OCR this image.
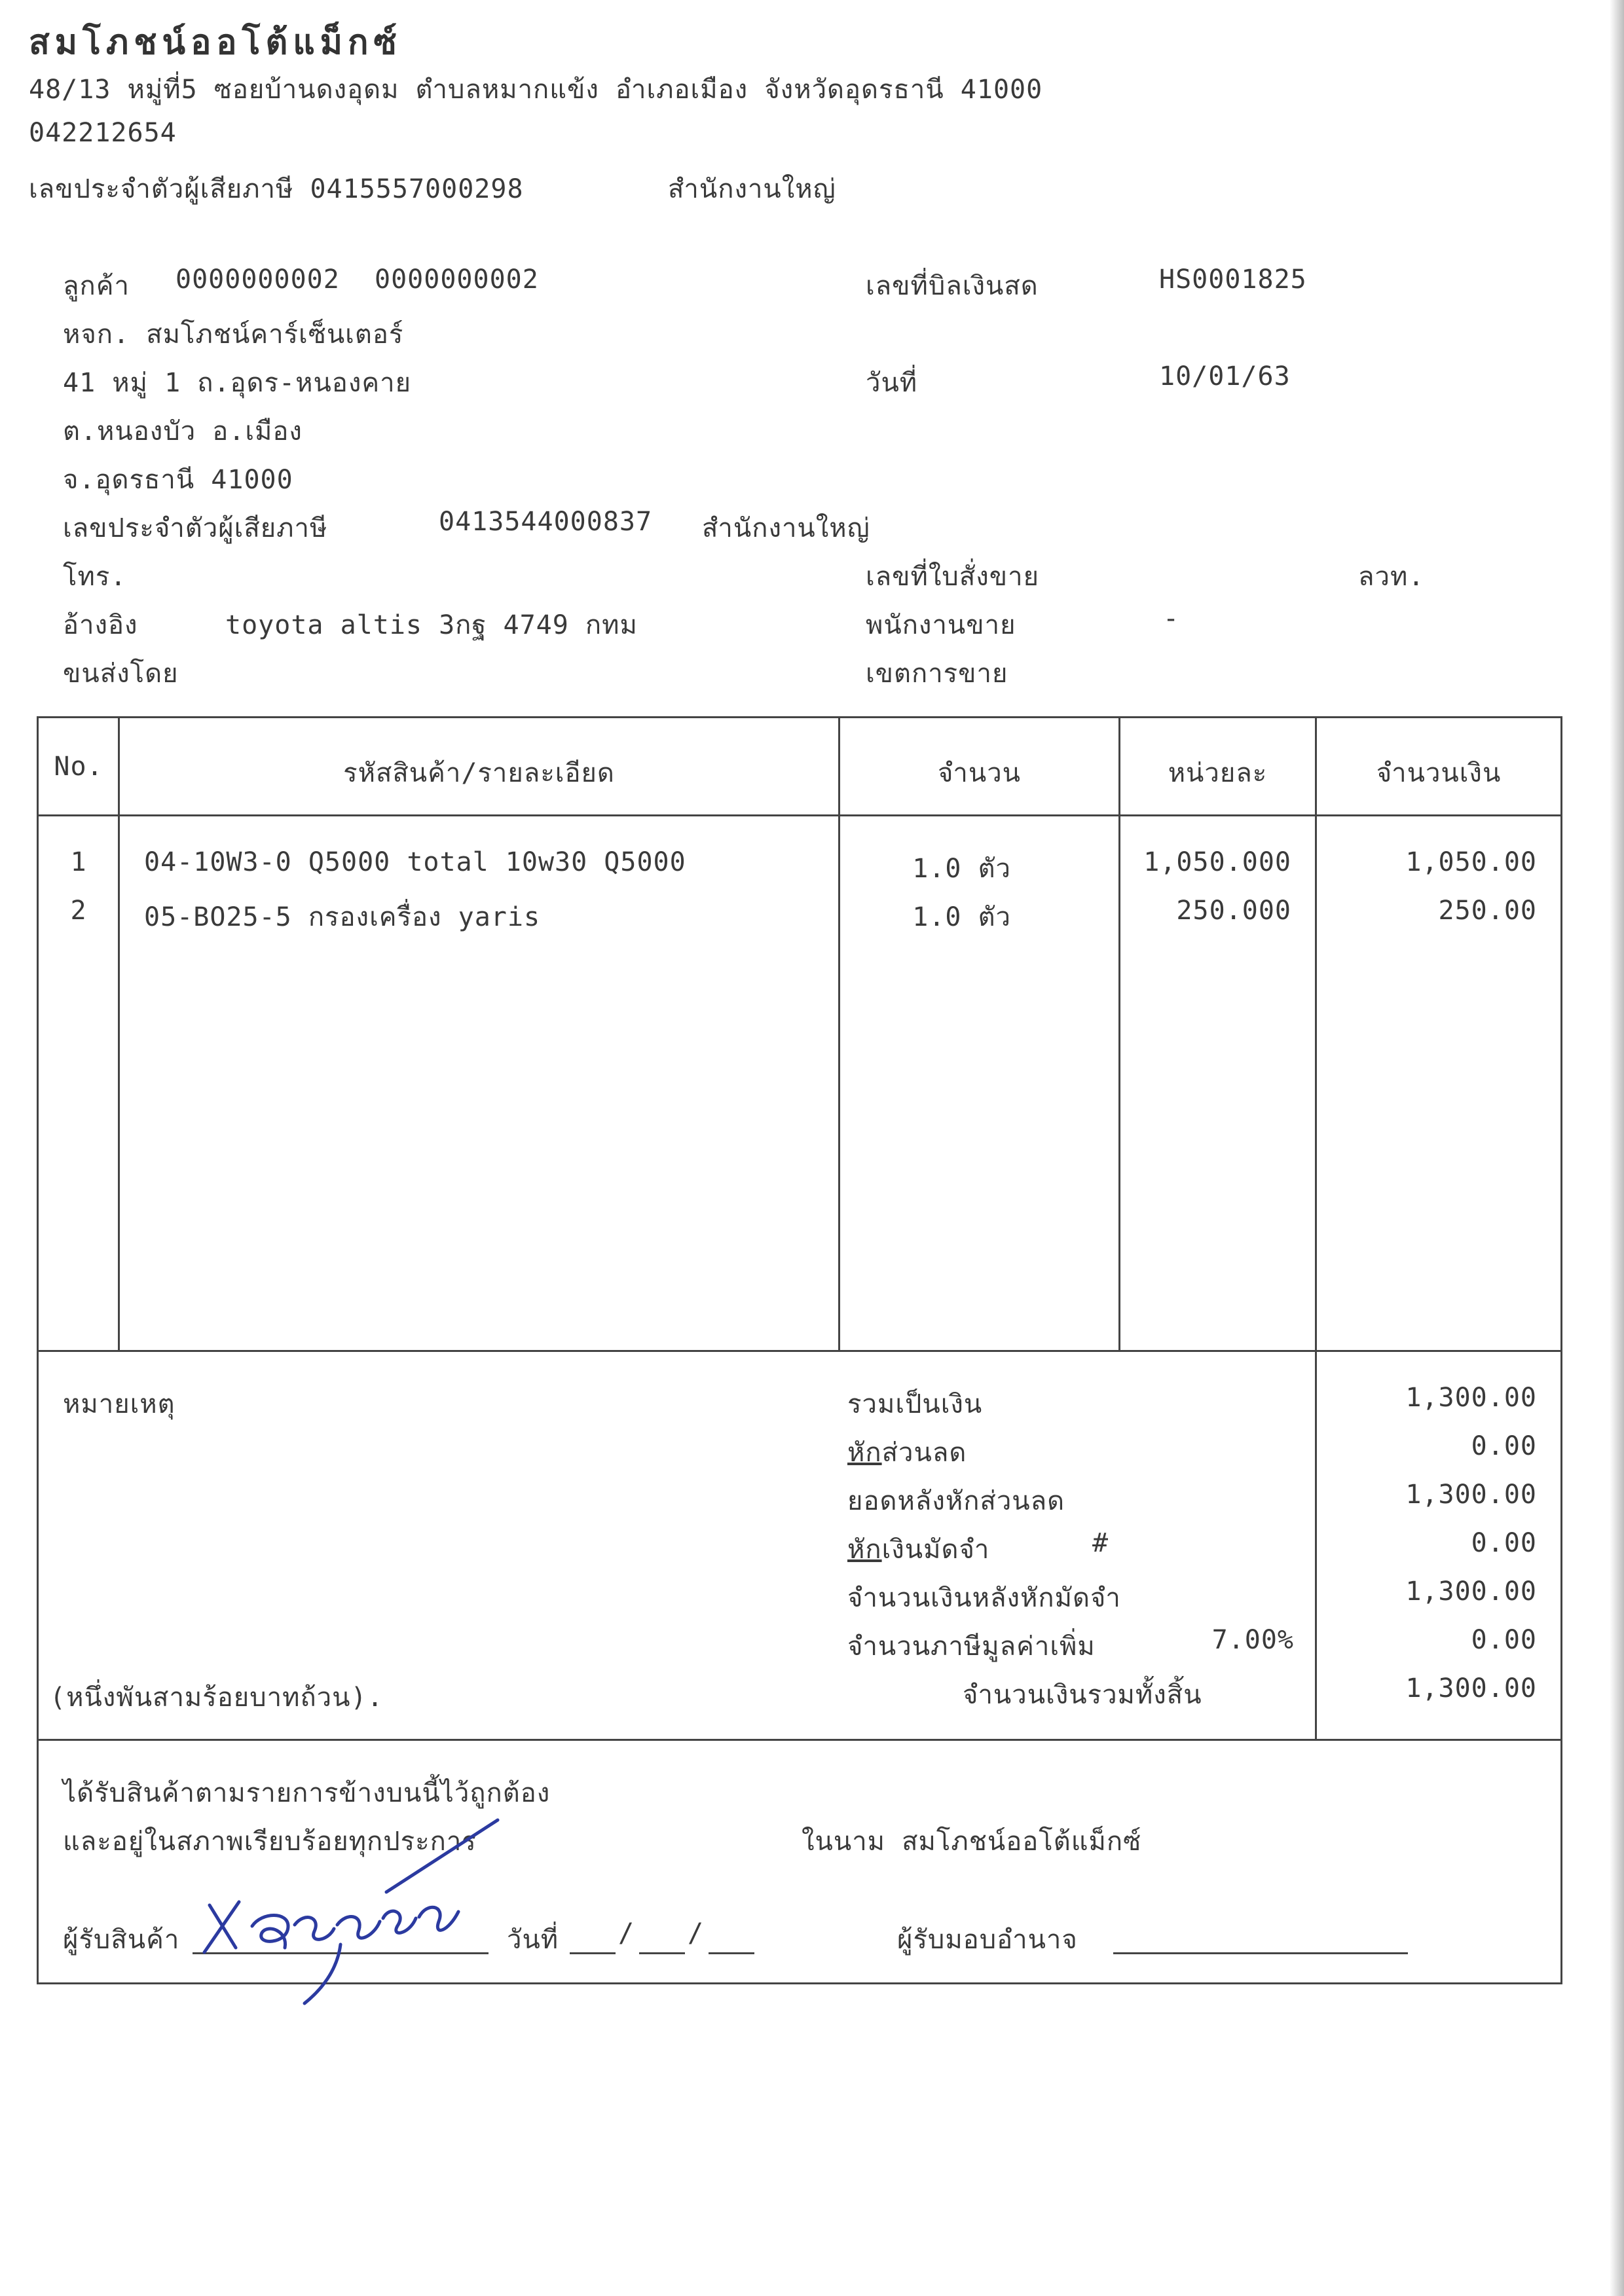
สมโภชน์ออโต้แม็กซ์
48/13 หมู่ที่5 ซอยบ้านดงอุดม ตำบลหมากแข้ง อำเภอเมือง จังหวัดอุดรธานี 41000
042212654
เลขประจำตัวผู้เสียภาษี 0415557000298	สำนักงานใหญ่
ลูกค้า 0000000002 0000000002
หจก. สมโภชน์คาร์เซ็นเตอร์
41 หมู่ 1 ถ.อุดร-หนองคาย
ต.หนองบัว อ.เมือง
จ.อุดรธานี 41000
เลขประจำตัวผู้เสียภาษี	0413544000837 สำนักงานใหญ่
โทร.
อ้างอิง	toyota altis 3กฐ 4749 กทม
ขนส่งโดย
เลขที่บิลเงินสด	HS0001825
วันที่	10/01/63
เลขที่ใบสั่งขาย	ลวท.
พนักงานขาย	-
เขตการขาย
No.	รหัสสินค้า/รายละเอียด	จำนวน	หน่วยละ	จำนวนเงิน
1	04-10W3-0 Q5000 total 10w30 Q5000	1.0 ตัว	1,050.000	1,050.00
2	05-BO25-5 กรองเครื่อง yaris	1.0 ตัว	250.000	250.00
หมายเหตุ
(หนึ่งพันสามร้อยบาทถ้วน).
รวมเป็นเงิน	1,300.00
หักส่วนลด	0.00
ยอดหลังหักส่วนลด	1,300.00
หักเงินมัดจำ	#	0.00
จำนวนเงินหลังหักมัดจำ	1,300.00
จำนวนภาษีมูลค่าเพิ่ม	7.00%	0.00
จำนวนเงินรวมทั้งสิ้น	1,300.00
ได้รับสินค้าตามรายการข้างบนนี้ไว้ถูกต้อง
และอยู่ในสภาพเรียบร้อยทุกประการ	ในนาม สมโภชน์ออโต้แม็กซ์
ผู้รับสินค้า	วันที่ / /	ผู้รับมอบอำนาจ
